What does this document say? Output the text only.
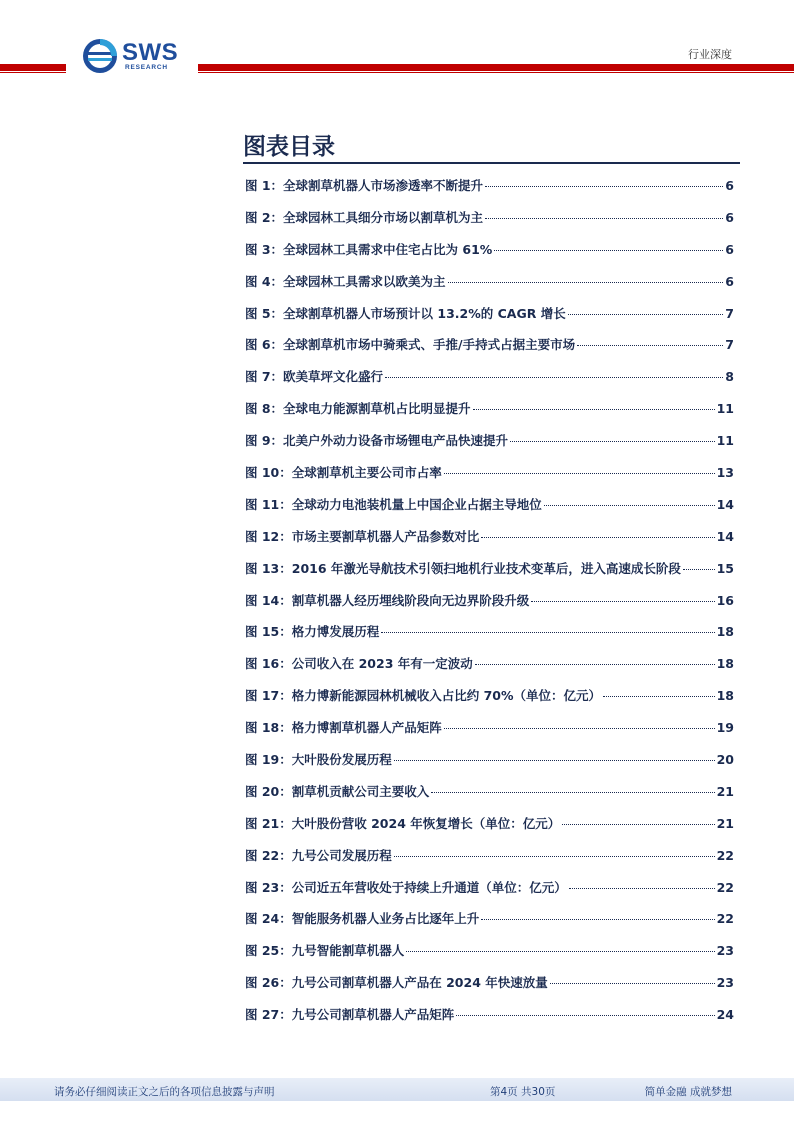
SWS
RESEARCH
行业深度
图表目录
图 1：全球割草机器人市场渗透率不断提升	6
图 2：全球园林工具细分市场以割草机为主	6
图 3：全球园林工具需求中住宅占比为 61%	6
图 4：全球园林工具需求以欧美为主	6
图 5：全球割草机器人市场预计以 13.2%的 CAGR 增长	7
图 6：全球割草机市场中骑乘式、手推/手持式占据主要市场	7
图 7：欧美草坪文化盛行	8
图 8：全球电力能源割草机占比明显提升	11
图 9：北美户外动力设备市场锂电产品快速提升	11
图 10：全球割草机主要公司市占率	13
图 11：全球动力电池装机量上中国企业占据主导地位	14
图 12：市场主要割草机器人产品参数对比	14
图 13：2016 年激光导航技术引领扫地机行业技术变革后，进入高速成长阶段	15
图 14：割草机器人经历埋线阶段向无边界阶段升级	16
图 15：格力博发展历程	18
图 16：公司收入在 2023 年有一定波动	18
图 17：格力博新能源园林机械收入占比约 70%（单位：亿元）	18
图 18：格力博割草机器人产品矩阵	19
图 19：大叶股份发展历程	20
图 20：割草机贡献公司主要收入	21
图 21：大叶股份营收 2024 年恢复增长（单位：亿元）	21
图 22：九号公司发展历程	22
图 23：公司近五年营收处于持续上升通道（单位：亿元）	22
图 24：智能服务机器人业务占比逐年上升	22
图 25：九号智能割草机器人	23
图 26：九号公司割草机器人产品在 2024 年快速放量	23
图 27：九号公司割草机器人产品矩阵	24
请务必仔细阅读正文之后的各项信息披露与声明	第4页 共30页	简单金融 成就梦想
